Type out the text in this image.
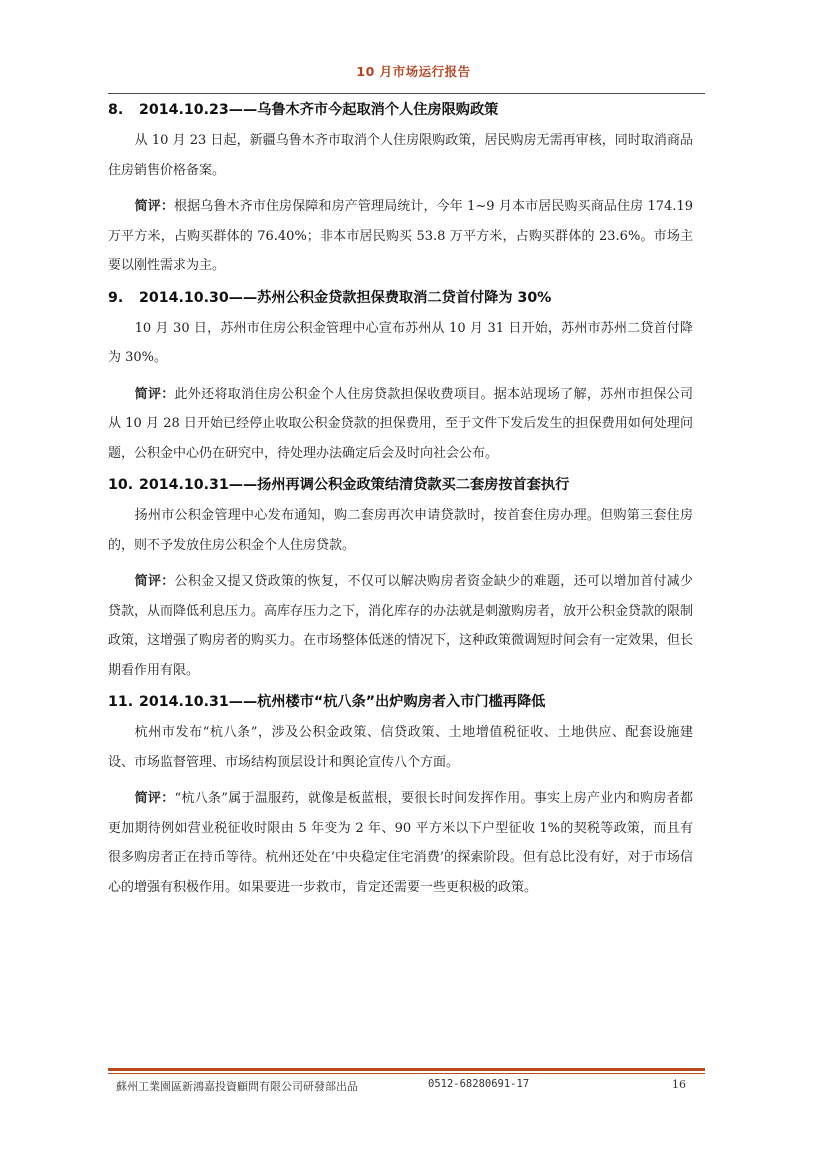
10 月市场运行报告
8. 2014.10.23——乌鲁木齐市今起取消个人住房限购政策

从 10 月 23 日起，新疆乌鲁木齐市取消个人住房限购政策，居民购房无需再审核，同时取消商品住房销售价格备案。

简评：根据乌鲁木齐市住房保障和房产管理局统计，今年 1~9 月本市居民购买商品住房 174.19 万平方米，占购买群体的 76.40%；非本市居民购买 53.8 万平方米，占购买群体的 23.6%。市场主要以刚性需求为主。

9. 2014.10.30——苏州公积金贷款担保费取消二贷首付降为 30%

10 月 30 日，苏州市住房公积金管理中心宣布苏州从 10 月 31 日开始，苏州市苏州二贷首付降为 30%。

简评：此外还将取消住房公积金个人住房贷款担保收费项目。据本站现场了解，苏州市担保公司从 10 月 28 日开始已经停止收取公积金贷款的担保费用，至于文件下发后发生的担保费用如何处理问题，公积金中心仍在研究中，待处理办法确定后会及时向社会公布。

10. 2014.10.31——扬州再调公积金政策结清贷款买二套房按首套执行

扬州市公积金管理中心发布通知，购二套房再次申请贷款时，按首套住房办理。但购第三套住房的，则不予发放住房公积金个人住房贷款。

简评：公积金又提又贷政策的恢复，不仅可以解决购房者资金缺少的难题，还可以增加首付减少贷款，从而降低利息压力。高库存压力之下，消化库存的办法就是刺激购房者，放开公积金贷款的限制政策，这增强了购房者的购买力。在市场整体低迷的情况下，这种政策微调短时间会有一定效果，但长期看作用有限。

11. 2014.10.31——杭州楼市“杭八条”出炉购房者入市门槛再降低

杭州市发布“杭八条”，涉及公积金政策、信贷政策、土地增值税征收、土地供应、配套设施建设、市场监督管理、市场结构顶层设计和舆论宣传八个方面。

简评：“杭八条”属于温服药，就像是板蓝根，要很长时间发挥作用。事实上房产业内和购房者都更加期待例如营业税征收时限由 5 年变为 2 年、90 平方米以下户型征收 1%的契税等政策，而且有很多购房者正在持币等待。杭州还处在‘中央稳定住宅消费’的探索阶段。但有总比没有好，对于市场信心的增强有积极作用。如果要进一步救市，肯定还需要一些更积极的政策。

蘇州工業園區新鴻嘉投資顧問有限公司研發部出品	0512-68280691-17	16
